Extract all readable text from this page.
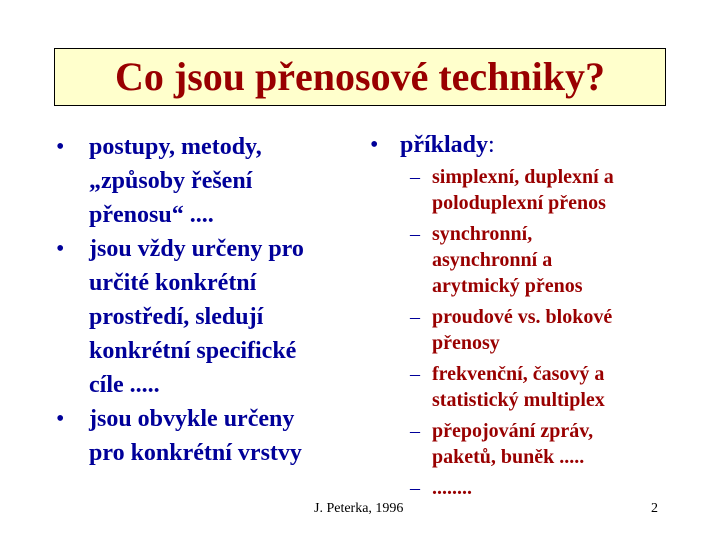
Co jsou přenosové techniky?
•	postupy, metody,
„způsoby řešení
přenosu“ ....
•	jsou vždy určeny pro
určité konkrétní
prostředí, sledují
konkrétní specifické
cíle .....
•	jsou obvykle určeny
pro konkrétní vrstvy
• příklady:
– simplexní, duplexní a
poloduplexní přenos
– synchronní,
asynchronní a
arytmický přenos
– proudové vs. blokové
přenosy
– frekvenční, časový a
statistický multiplex
– přepojování zpráv,
paketů, buněk .....
– ........
J. Peterka, 1996	2
